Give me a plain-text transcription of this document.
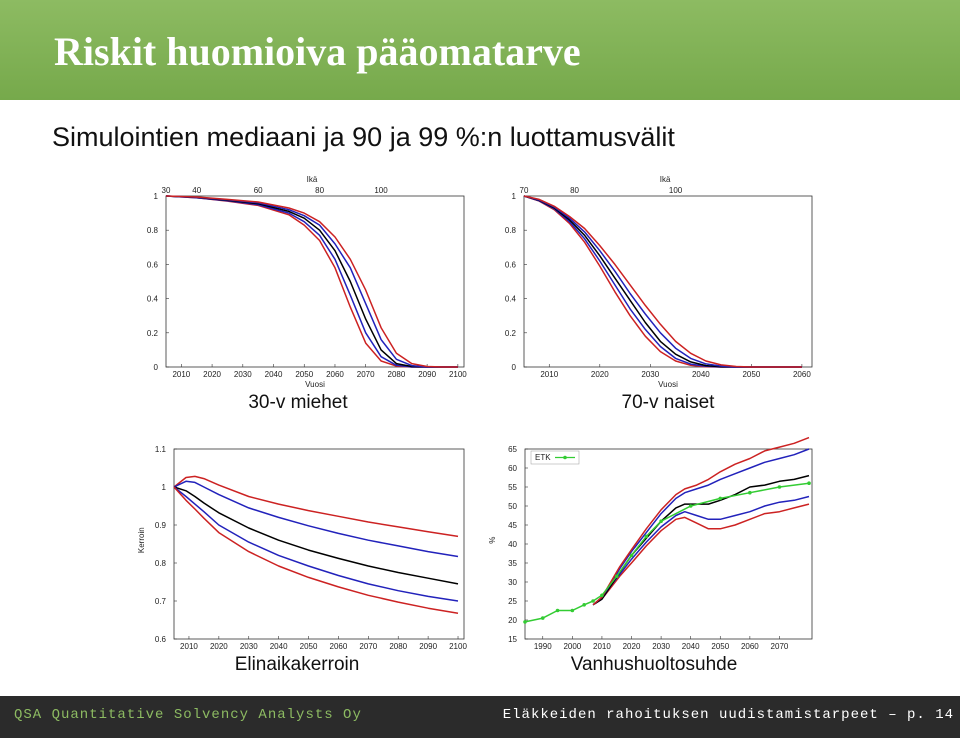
Riskit huomioiva pääomatarve
Simulointien mediaani ja 90 ja 99 %:n luottamusvälit
2010 2020 2030 2040 2050 2060 2070 2080 2090 2100
0
0.2
0.4
0.6
0.8
1
30	40	60	80	100
Ikä
Vuosi
30-v miehet
2010	2020	2030	2040	2050	2060
0
0.2
0.4
0.6
0.8
1
70	80	100
Ikä
Vuosi
70-v naiset
2010 2020 2030 2040 2050 2060 2070 2080 2090 2100
0.6
0.7
0.8
0.9
1
1.1
Kerroin
Elinaikakerroin
1990 2000 2010 2020 2030 2040 2050 2060 2070
15
20
25
30
35
40
45
50
55
60
65
%
ETK
Vanhushuoltosuhde
QSA Quantitative Solvency Analysts Oy	Eläkkeiden rahoituksen uudistamistarpeet – p. 14
